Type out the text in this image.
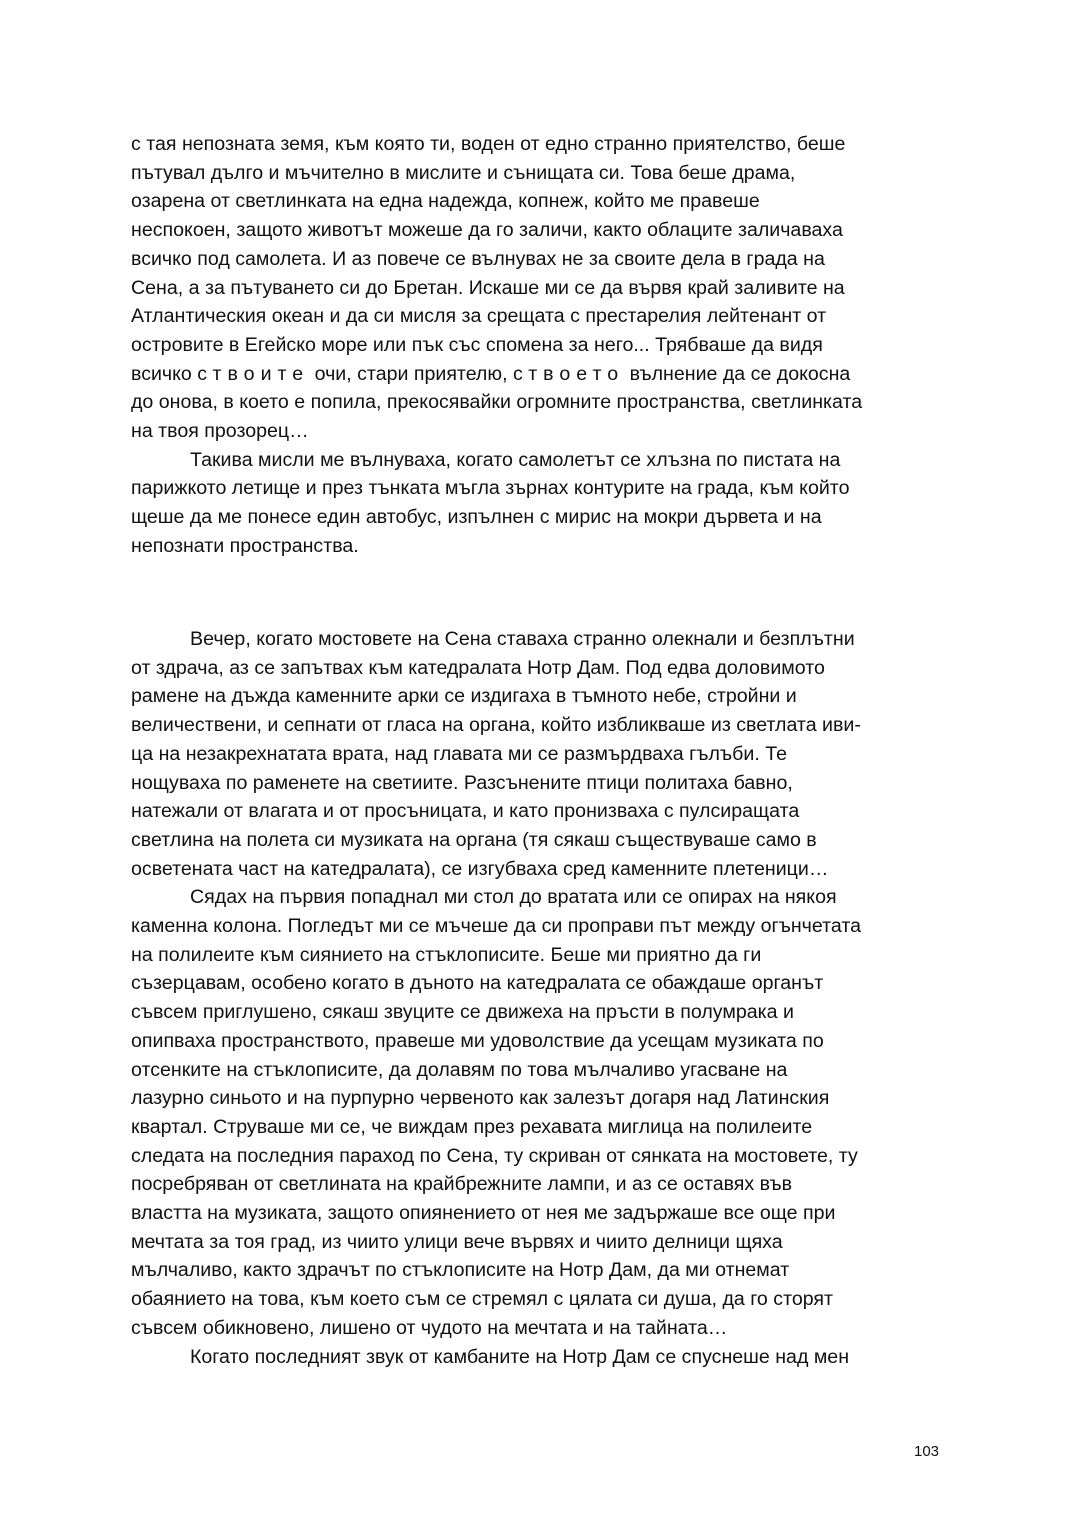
с тая непозната земя, към която ти, воден от едно странно приятелство, беше
пътувал дълго и мъчително в мислите и сънищата си. Това беше драма,
озарена от светлинката на една надежда, копнеж, който ме правеше
неспокоен, защото животът можеше да го заличи, както облаците заличаваха
всичко под самолета. И аз повече се вълнувах не за своите дела в града на
Сена, а за пътуването си до Бретан. Искаше ми се да вървя край заливите на
Атлантическия океан и да си мисля за срещата с престарелия лейтенант от
островите в Егейско море или пък със спомена за него... Трябваше да видя
всичко с твоите очи, стари приятелю, с твоето вълнение да се докосна
до онова, в което е попила, прекосявайки огромните пространства, светлинката
на твоя прозорец…
Такива мисли ме вълнуваха, когато самолетът се хлъзна по пистата на
парижкото летище и през тънката мъгла зърнах контурите на града, към който
щеше да ме понесе един автобус, изпълнен с мирис на мокри дървета и на
непознати пространства.
Вечер, когато мостовете на Сена ставаха странно олекнали и безплътни
от здрача, аз се запътвах към катедралата Нотр Дам. Под едва доловимото
рамене на дъжда каменните арки се издигаха в тъмното небе, стройни и
величествени, и сепнати от гласа на органа, който избликваше из светлата иви-
ца на незакрехнатата врата, над главата ми се размърдваха гълъби. Те
нощуваха по раменете на светиите. Разсънените птици политаха бавно,
натежали от влагата и от просъницата, и като пронизваха с пулсиращата
светлина на полета си музиката на органа (тя сякаш съществуваше само в
осветената част на катедралата), се изгубваха сред каменните плетеници…
Сядах на първия попаднал ми стол до вратата или се опирах на някоя
каменна колона. Погледът ми се мъчеше да си проправи път между огънчетата
на полилеите към сиянието на стъклописите. Беше ми приятно да ги
съзерцавам, особено когато в дъното на катедралата се обаждаше органът
съвсем приглушено, сякаш звуците се движеха на пръсти в полумрака и
опипваха пространството, правеше ми удоволствие да усещам музиката по
отсенките на стъклописите, да долавям по това мълчаливо угасване на
лазурно синьото и на пурпурно червеното как залезът догаря над Латинския
квартал. Струваше ми се, че виждам през рехавата миглица на полилеите
следата на последния параход по Сена, ту скриван от сянката на мостовете, ту
посребряван от светлината на крайбрежните лампи, и аз се оставях във
властта на музиката, защото опиянението от нея ме задържаше все още при
мечтата за тоя град, из чиито улици вече вървях и чиито делници щяха
мълчаливо, както здрачът по стъклописите на Нотр Дам, да ми отнемат
обаянието на това, към което съм се стремял с цялата си душа, да го сторят
съвсем обикновено, лишено от чудото на мечтата и на тайната…
Когато последният звук от камбаните на Нотр Дам се спуснеше над мен
103
